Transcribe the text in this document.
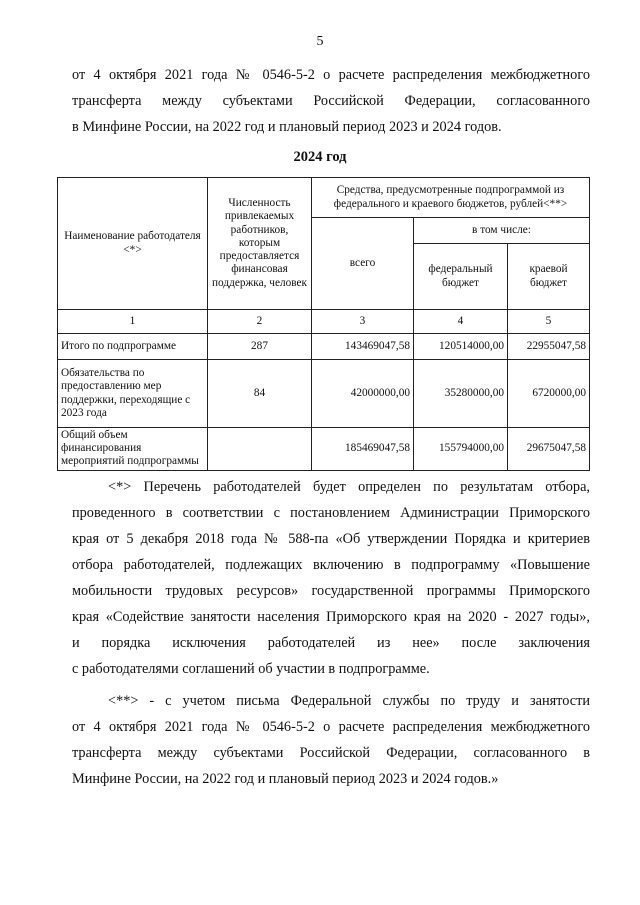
5
от 4 октября 2021 года № 0546-5-2 о расчете распределения межбюджетного
трансферта между субъектами Российской Федерации, согласованного
в Минфине России, на 2022 год и плановый период 2023 и 2024 годов.
2024 год
Наименование работодателя <*>	Численность привлекаемых работников, которым предоставляется финансовая поддержка, человек	Средства, предусмотренные подпрограммой из федерального и краевого бюджетов, рублей<**>		
		всего	в том числе:	
			федеральный бюджет	краевой бюджет
1	2	3	4	5
Итого по подпрограмме	287	143469047,58	120514000,00	22955047,58
Обязательства по предоставлению мер поддержки, переходящие с 2023 года	84	42000000,00	35280000,00	6720000,00
Общий объем финансирования мероприятий подпрограммы		185469047,58	155794000,00	29675047,58
<*> Перечень работодателей будет определен по результатам отбора,
проведенного в соответствии с постановлением Администрации Приморского
края от 5 декабря 2018 года № 588-па «Об утверждении Порядка и критериев
отбора работодателей, подлежащих включению в подпрограмму «Повышение
мобильности трудовых ресурсов» государственной программы Приморского
края «Содействие занятости населения Приморского края на 2020 - 2027 годы»,
и порядка исключения работодателей из нее» после заключения
с работодателями соглашений об участии в подпрограмме.
<**> - с учетом письма Федеральной службы по труду и занятости
от 4 октября 2021 года № 0546-5-2 о расчете распределения межбюджетного
трансферта между субъектами Российской Федерации, согласованного в
Минфине России, на 2022 год и плановый период 2023 и 2024 годов.»
